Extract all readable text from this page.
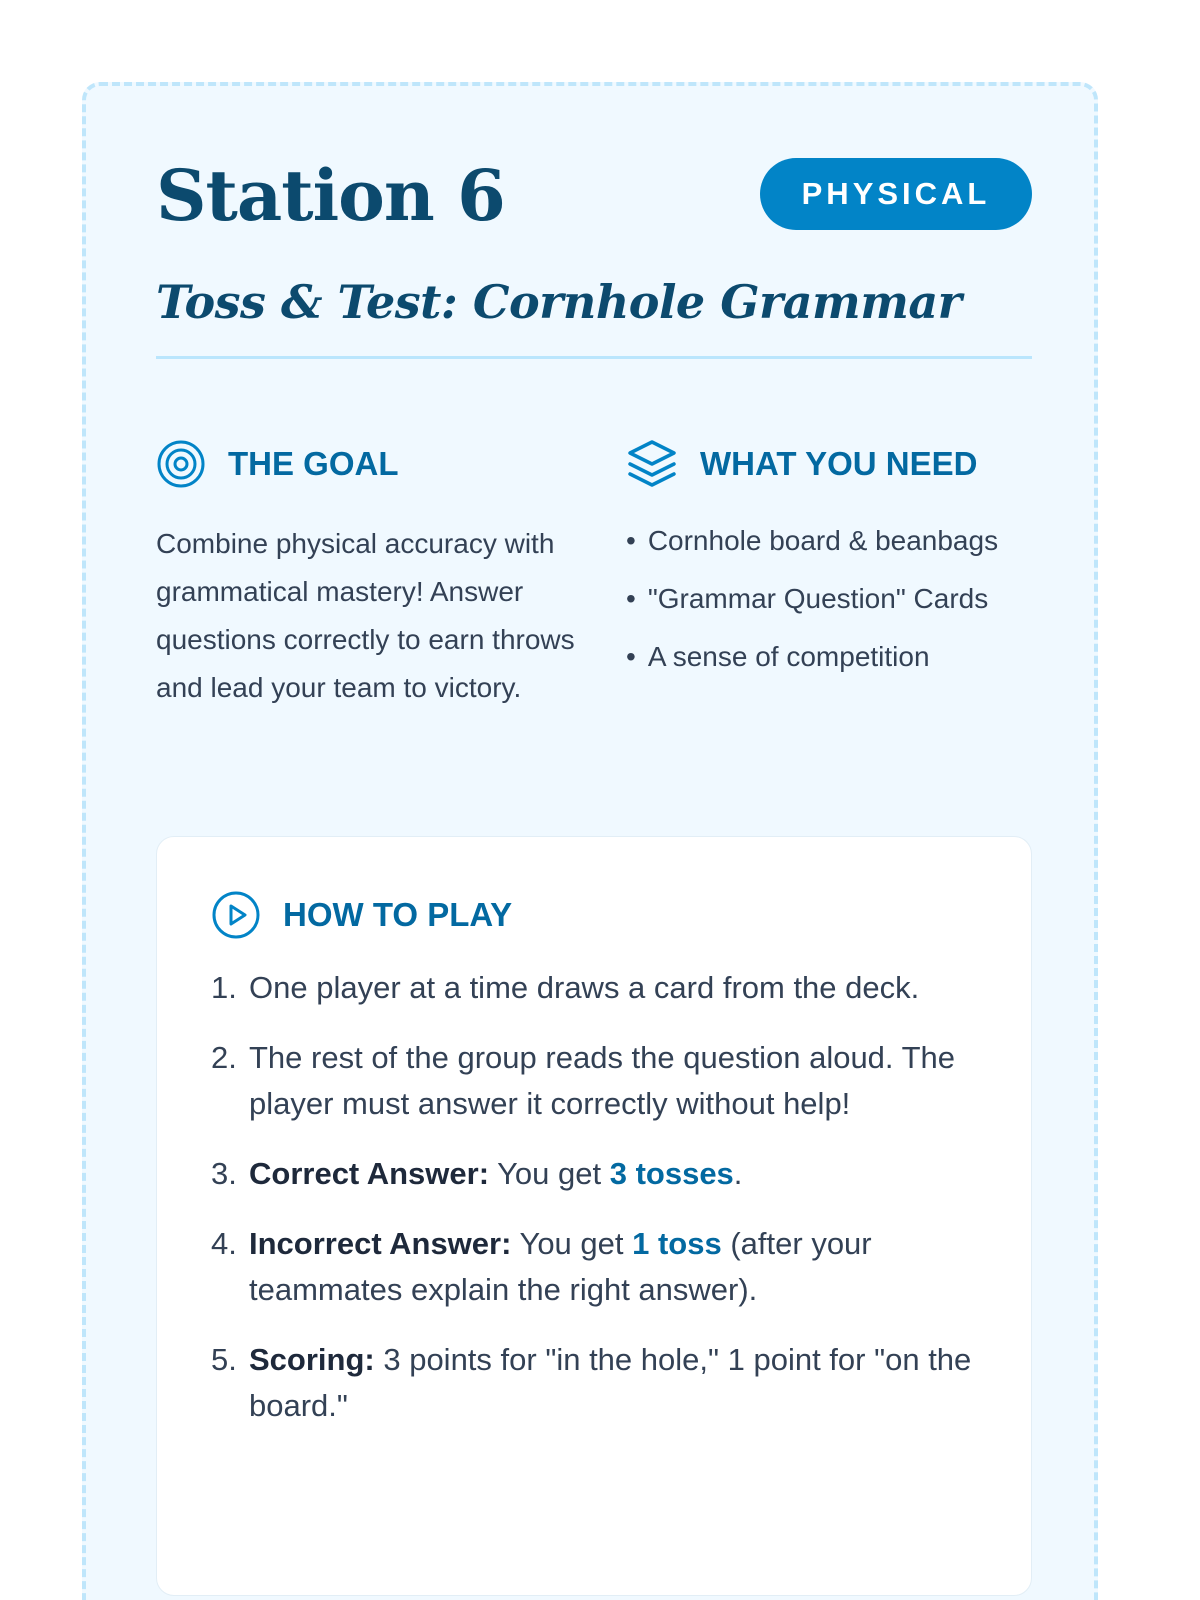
Station 6	PHYSICAL
Toss & Test: Cornhole Grammar
THE GOAL

Combine physical accuracy with grammatical mastery! Answer questions correctly to earn throws and lead your team to victory.

WHAT YOU NEED
• Cornhole board & beanbags
• "Grammar Question" Cards
• A sense of competition
HOW TO PLAY
1. One player at a time draws a card from the deck.
2. The rest of the group reads the question aloud. The player must answer it correctly without help!
3. Correct Answer: You get 3 tosses.
4. Incorrect Answer: You get 1 toss (after your teammates explain the right answer).
5. Scoring: 3 points for "in the hole," 1 point for "on the board."
